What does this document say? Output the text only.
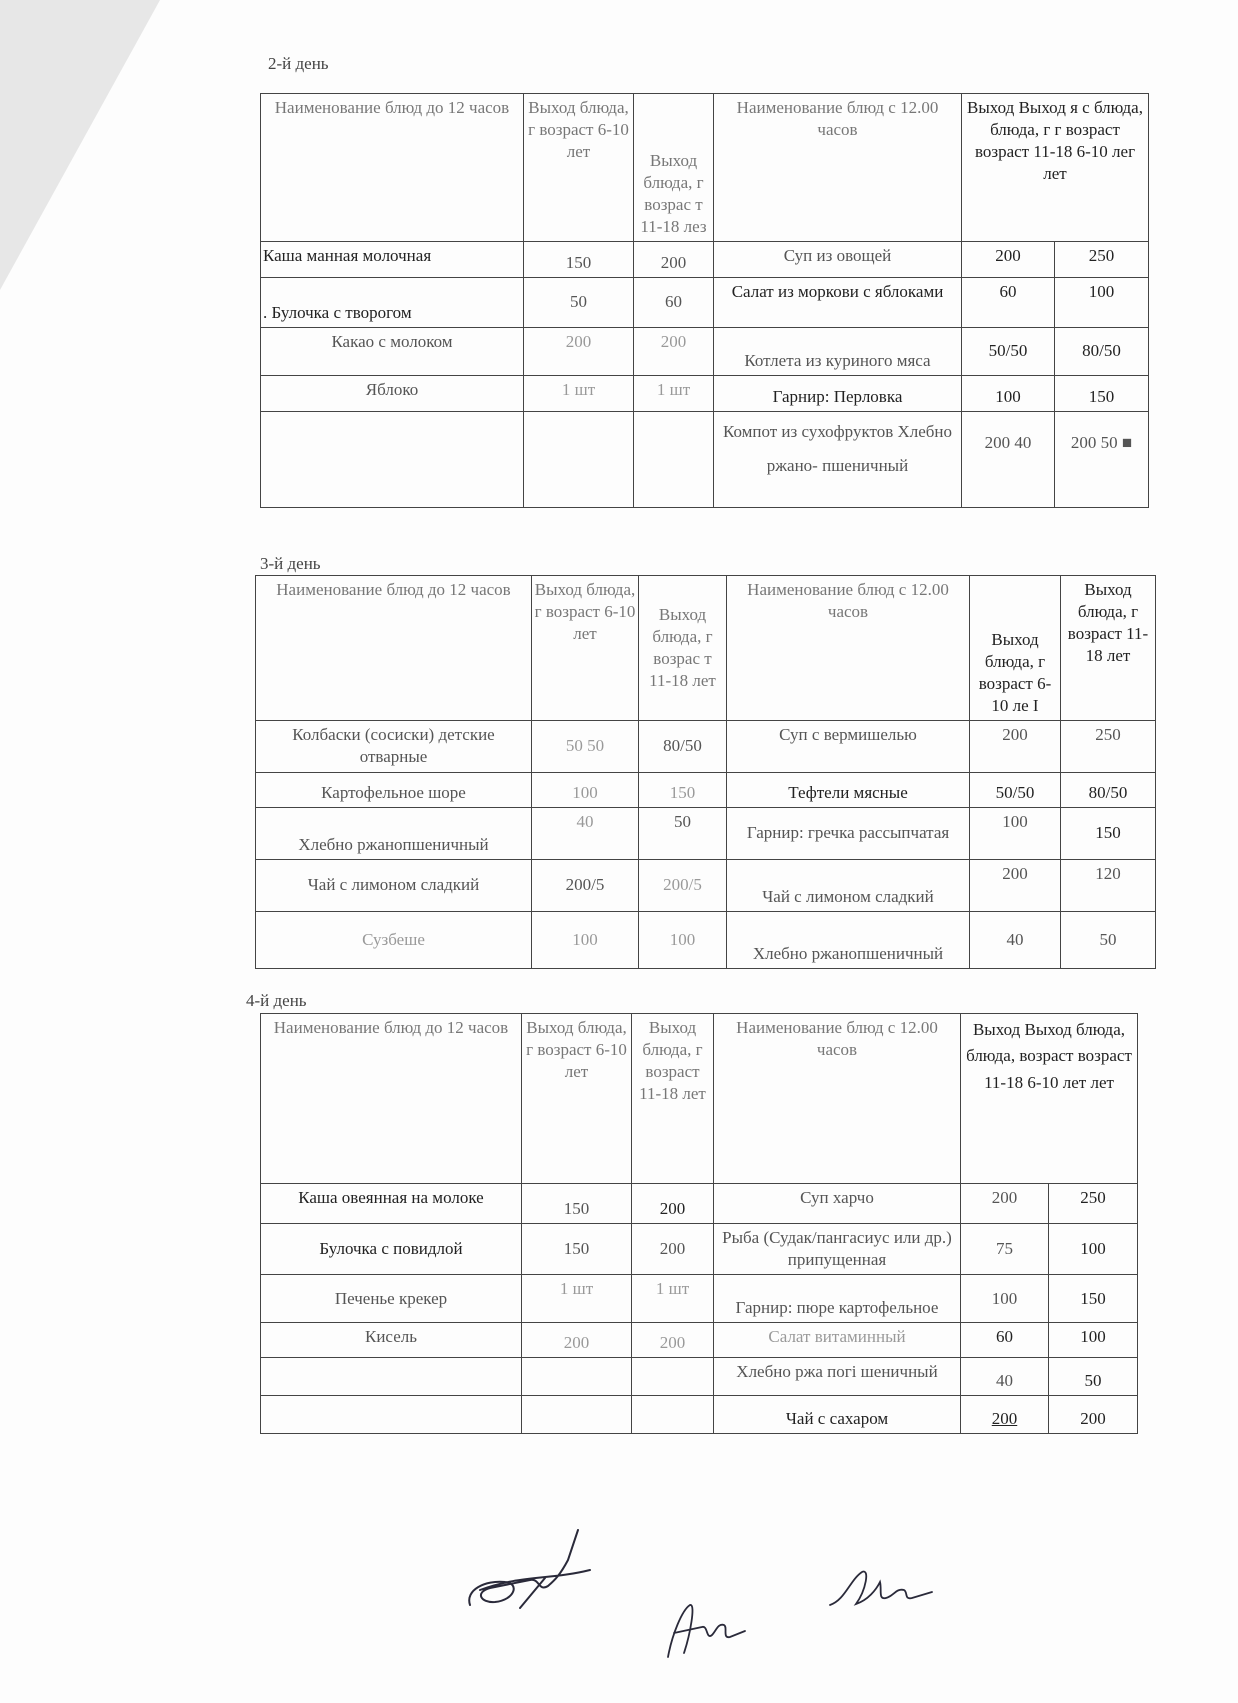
2-й день
Наименование блюд до 12 часов	Выход блюда, г возраст 6-10 лет	Выход блюда, г возрас т 11-18 лез	Наименование блюд с 12.00 часов	Выход Выход я с блюда, блюда, г г возраст возраст 11-18 6-10 лег лет
Каша манная молочная	150	200	Суп из овощей	200	250
. Булочка с творогом	50	60	Салат из моркови с яблоками	60	100
Какао с молоком	200	200	Котлета из куриного мяса	50/50	80/50
Яблоко	1 шт	1 шт	Гарнир: Перловка	100	150
			Компот из сухофруктов Хлебно ржано- пшеничный	200 40	200 50 ■
3-й день
Наименование блюд до 12 часов	Выход блюда, г возраст 6-10 лет	Выход блюда, г возрас т 11-18 лет	Наименование блюд с 12.00 часов	Выход блюда, г возраст 6-10 ле I	Выход блюда, г возраст 11-18 лет
Колбаски (сосиски) детские отварные	50 50	80/50	Суп с вермишелью	200	250
Картофельное шоре	100	150	Тефтели мясные	50/50	80/50
Хлебно ржанопшеничный	40	50	Гарнир: гречка рассыпчатая	100	150
Чай с лимоном сладкий	200/5	200/5	Чай с лимоном сладкий	200	120
Сузбеше	100	100	Хлебно ржанопшеничный	40	50
4-й день
Наименование блюд до 12 часов	Выход блюда, г возраст 6-10 лет	Выход блюда, г возраст 11-18 лет	Наименование блюд с 12.00 часов	Выход Выход блюда, блюда, возраст возраст 11-18 6-10 лет лет
Каша овеянная на молоке	150	200	Суп харчо	200	250
Булочка с повидлой	150	200	Рыба (Судак/пангасиус или др.) припущенная	75	100
Печенье крекер	1 шт	1 шт	Гарнир: пюре картофельное	100	150
Кисель	200	200	Салат витаминный	60	100
			Хлебно ржа пoгi шеничный	40	50
			Чай с сахаром	200	200
